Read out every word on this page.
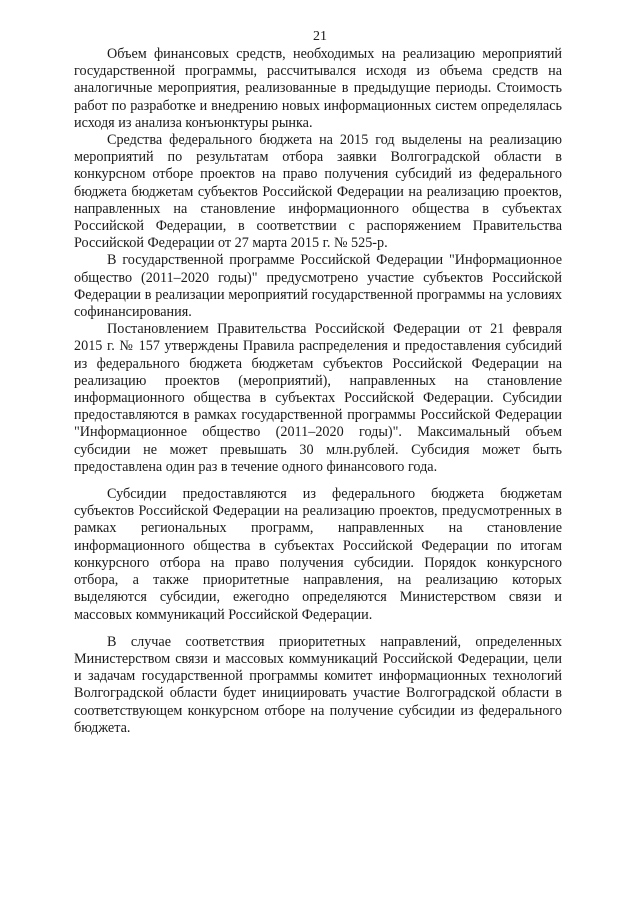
21

Объем финансовых средств, необходимых на реализацию мероприятий государственной программы, рассчитывался исходя из объема средств на аналогичные мероприятия, реализованные в предыдущие периоды. Стоимость работ по разработке и внедрению новых информационных систем определялась исходя из анализа конъюнктуры рынка.

Средства федерального бюджета на 2015 год выделены на реализацию мероприятий по результатам отбора заявки Волгоградской области в конкурсном отборе проектов на право получения субсидий из федерального бюджета бюджетам субъектов Российской Федерации на реализацию проектов, направленных на становление информационного общества в субъектах Российской Федерации, в соответствии с распоряжением Правительства Российской Федерации от 27 марта 2015 г. № 525-р.

В государственной программе Российской Федерации "Информационное общество (2011–2020 годы)" предусмотрено участие субъектов Российской Федерации в реализации мероприятий государственной программы на условиях софинансирования.

Постановлением Правительства Российской Федерации от 21 февраля 2015 г. № 157 утверждены Правила распределения и предоставления субсидий из федерального бюджета бюджетам субъектов Российской Федерации на реализацию проектов (мероприятий), направленных на становление информационного общества в субъектах Российской Федерации. Субсидии предоставляются в рамках государственной программы Российской Федерации "Информационное общество (2011–2020 годы)". Максимальный объем субсидии не может превышать 30 млн.рублей. Субсидия может быть предоставлена один раз в течение одного финансового года.

Субсидии предоставляются из федерального бюджета бюджетам субъектов Российской Федерации на реализацию проектов, предусмотренных в рамках региональных программ, направленных на становление информационного общества в субъектах Российской Федерации по итогам конкурсного отбора на право получения субсидии. Порядок конкурсного отбора, а также приоритетные направления, на реализацию которых выделяются субсидии, ежегодно определяются Министерством связи и массовых коммуникаций Российской Федерации.

В случае соответствия приоритетных направлений, определенных Министерством связи и массовых коммуникаций Российской Федерации, цели и задачам государственной программы комитет информационных технологий Волгоградской области будет инициировать участие Волгоградской области в соответствующем конкурсном отборе на получение субсидии из федерального бюджета.
